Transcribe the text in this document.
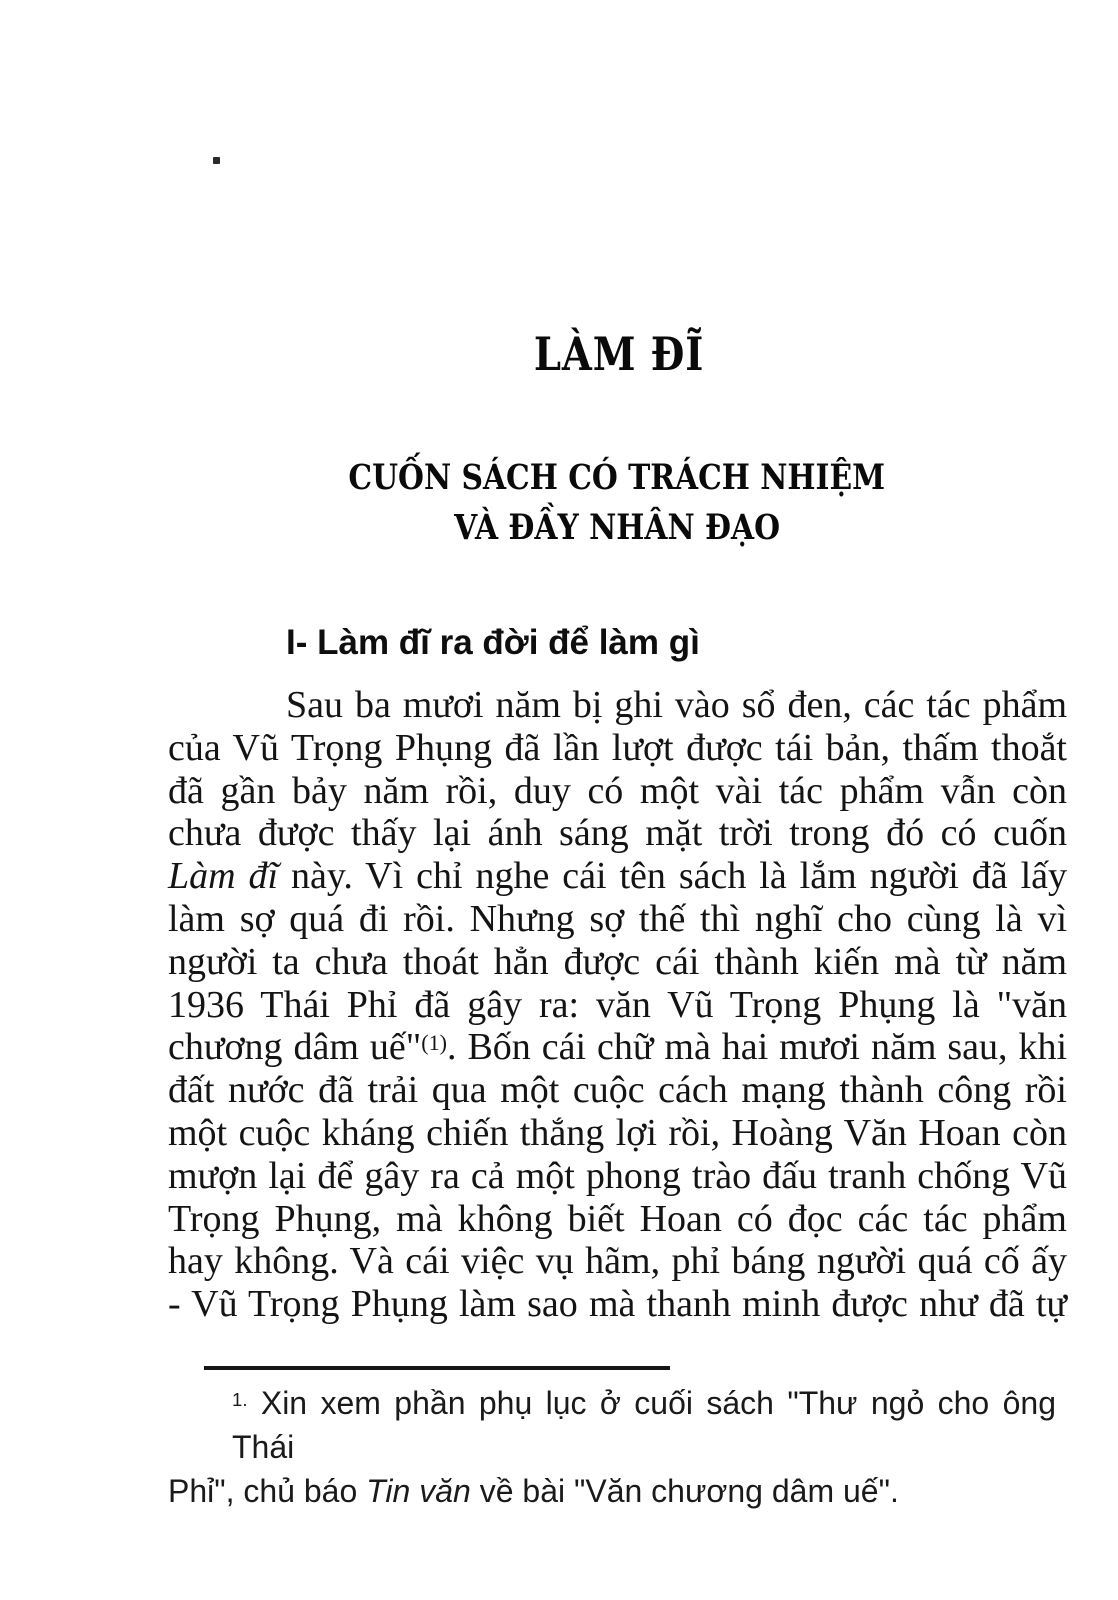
LÀM ĐĨ
CUỐN SÁCH CÓ TRÁCH NHIỆM
VÀ ĐẦY NHÂN ĐẠO
I- Làm đĩ ra đời để làm gì
Sau ba mươi năm bị ghi vào sổ đen, các tác phẩm
của Vũ Trọng Phụng đã lần lượt được tái bản, thấm thoắt
đã gần bảy năm rồi, duy có một vài tác phẩm vẫn còn
chưa được thấy lại ánh sáng mặt trời trong đó có cuốn
Làm đĩ này. Vì chỉ nghe cái tên sách là lắm người đã lấy
làm sợ quá đi rồi. Nhưng sợ thế thì nghĩ cho cùng là vì
người ta chưa thoát hẳn được cái thành kiến mà từ năm
1936 Thái Phỉ đã gây ra: văn Vũ Trọng Phụng là "văn
chương dâm uế"$^{(1)}$. Bốn cái chữ mà hai mươi năm sau, khi
đất nước đã trải qua một cuộc cách mạng thành công rồi
một cuộc kháng chiến thắng lợi rồi, Hoàng Văn Hoan còn
mượn lại để gây ra cả một phong trào đấu tranh chống Vũ
Trọng Phụng, mà không biết Hoan có đọc các tác phẩm
hay không. Và cái việc vụ hãm, phỉ báng người quá cố ấy
- Vũ Trọng Phụng làm sao mà thanh minh được như đã tự
$^{1.}$ Xin xem phần phụ lục ở cuối sách "Thư ngỏ cho ông Thái
Phỉ", chủ báo Tin văn về bài "Văn chương dâm uế".
